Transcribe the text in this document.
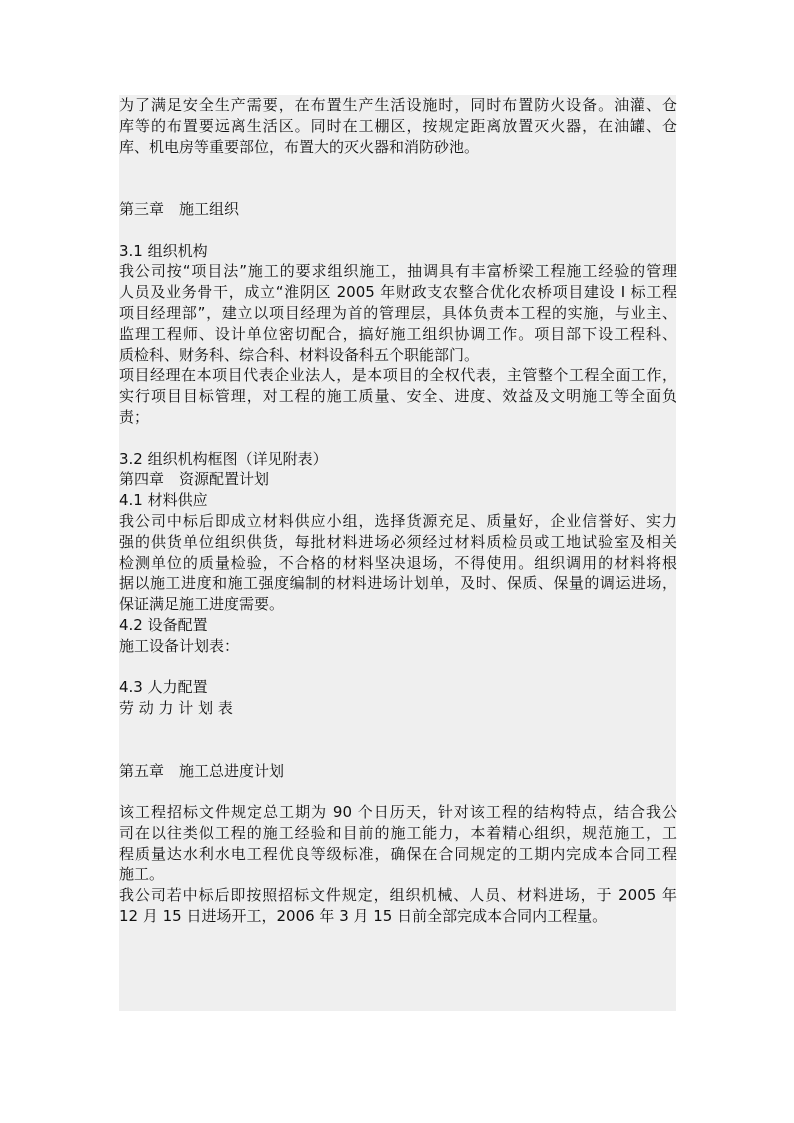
为了满足安全生产需要，在布置生产生活设施时，同时布置防火设备。油灌、仓
库等的布置要远离生活区。同时在工棚区，按规定距离放置灭火器，在油罐、仓
库、机电房等重要部位，布置大的灭火器和消防砂池。
第三章　施工组织
3.1 组织机构
我公司按“项目法”施工的要求组织施工，抽调具有丰富桥梁工程施工经验的管理
人员及业务骨干，成立“淮阴区 2005 年财政支农整合优化农桥项目建设 I 标工程
项目经理部”，建立以项目经理为首的管理层，具体负责本工程的实施，与业主、
监理工程师、设计单位密切配合，搞好施工组织协调工作。项目部下设工程科、
质检科、财务科、综合科、材料设备科五个职能部门。
项目经理在本项目代表企业法人，是本项目的全权代表，主管整个工程全面工作，
实行项目目标管理，对工程的施工质量、安全、进度、效益及文明施工等全面负
责；
3.2 组织机构框图（详见附表）
第四章　资源配置计划
4.1 材料供应
我公司中标后即成立材料供应小组，选择货源充足、质量好，企业信誉好、实力
强的供货单位组织供货，每批材料进场必须经过材料质检员或工地试验室及相关
检测单位的质量检验，不合格的材料坚决退场，不得使用。组织调用的材料将根
据以施工进度和施工强度编制的材料进场计划单，及时、保质、保量的调运进场，
保证满足施工进度需要。
4.2 设备配置
施工设备计划表：
4.3 人力配置
劳 动 力 计 划 表
第五章　施工总进度计划
该工程招标文件规定总工期为 90 个日历天，针对该工程的结构特点，结合我公
司在以往类似工程的施工经验和目前的施工能力，本着精心组织，规范施工，工
程质量达水利水电工程优良等级标准，确保在合同规定的工期内完成本合同工程
施工。
我公司若中标后即按照招标文件规定，组织机械、人员、材料进场，于 2005 年
12 月 15 日进场开工，2006 年 3 月 15 日前全部完成本合同内工程量。
